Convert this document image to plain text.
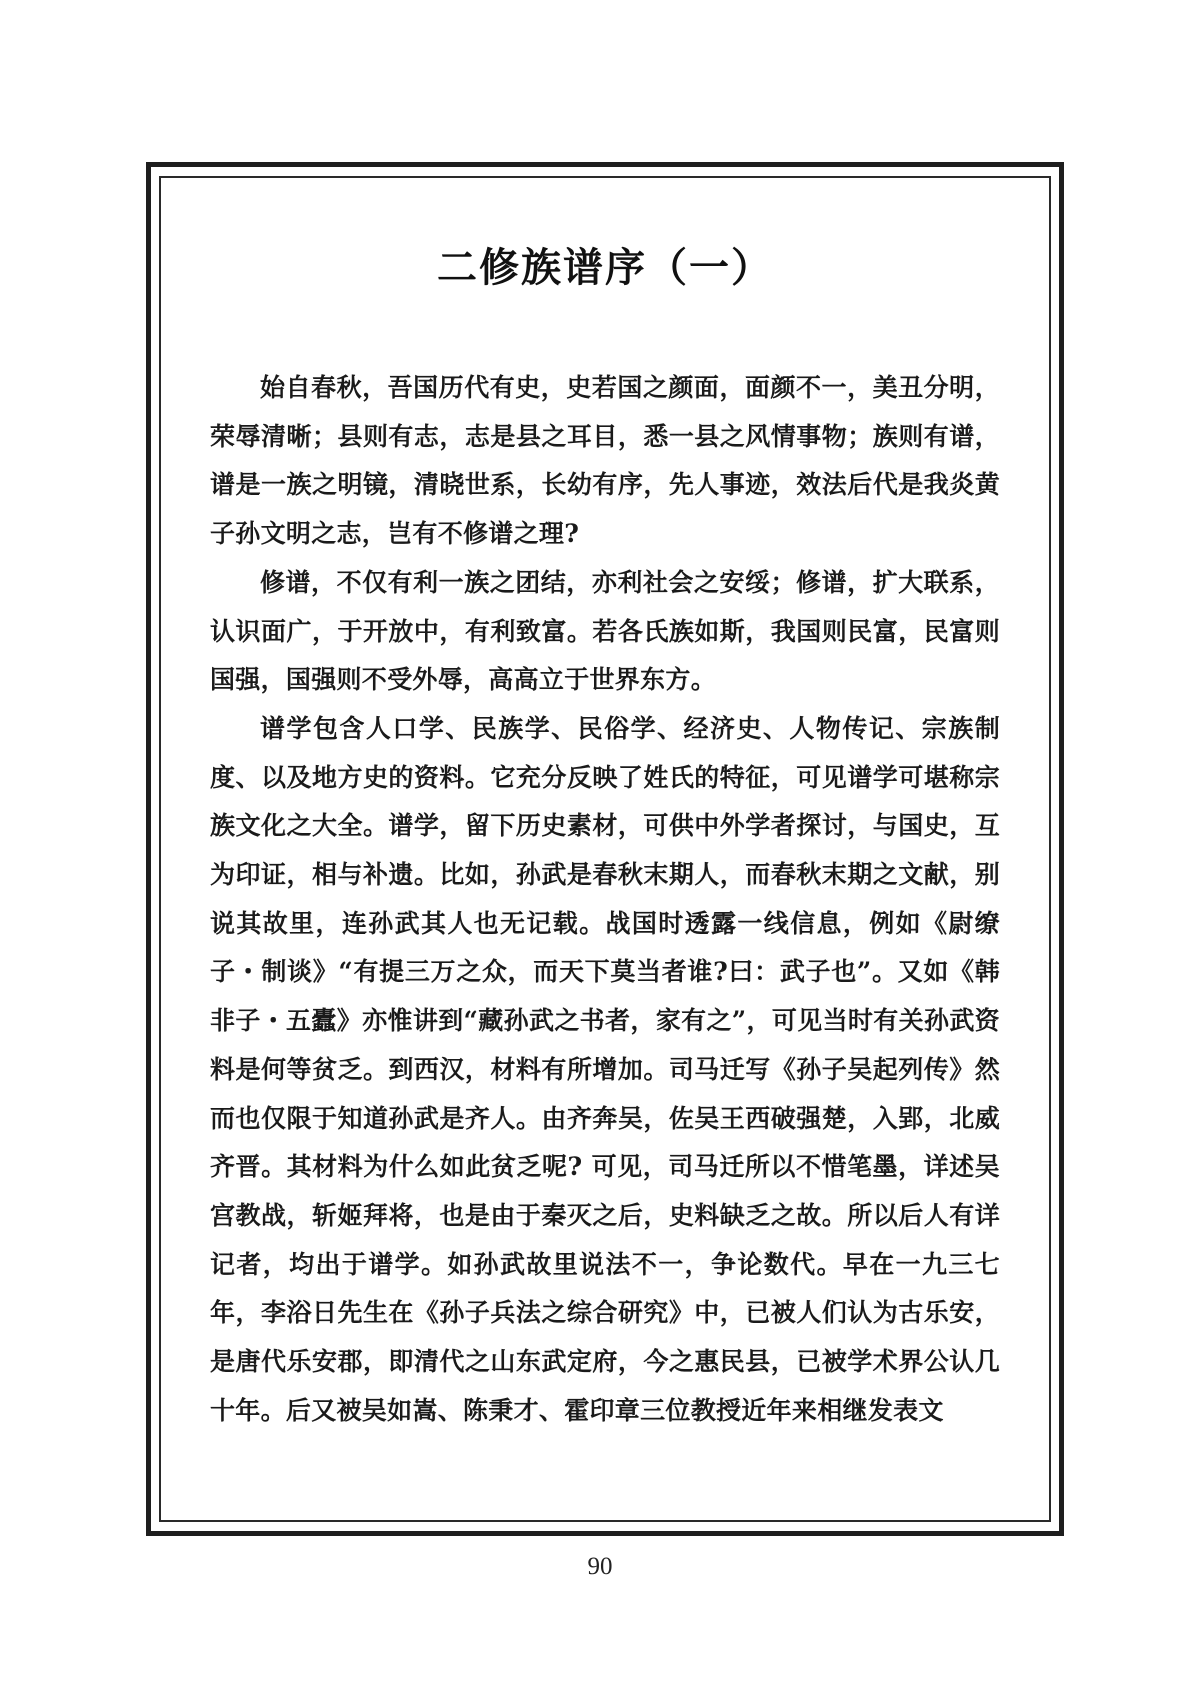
二修族谱序（一）

始自春秋，吾国历代有史，史若国之颜面，面颜不一，美丑分明，荣辱清晰；县则有志，志是县之耳目，悉一县之风情事物；族则有谱，谱是一族之明镜，清晓世系，长幼有序，先人事迹，效法后代是我炎黄子孙文明之志，岂有不修谱之理?

修谱，不仅有利一族之团结，亦利社会之安绥；修谱，扩大联系，认识面广，于开放中，有利致富。若各氏族如斯，我国则民富，民富则国强，国强则不受外辱，高高立于世界东方。

谱学包含人口学、民族学、民俗学、经济史、人物传记、宗族制度、以及地方史的资料。它充分反映了姓氏的特征，可见谱学可堪称宗族文化之大全。谱学，留下历史素材，可供中外学者探讨，与国史，互为印证，相与补遗。比如，孙武是春秋末期人，而春秋末期之文献，别说其故里，连孙武其人也无记载。战国时透露一线信息，例如《尉缭子・制谈》“有提三万之众，而天下莫当者谁?曰：武子也”。又如《韩非子・五蠹》亦惟讲到“藏孙武之书者，家有之”，可见当时有关孙武资料是何等贫乏。到西汉，材料有所增加。司马迁写《孙子吴起列传》然而也仅限于知道孙武是齐人。由齐奔吴，佐吴王西破强楚，入郢，北威齐晋。其材料为什么如此贫乏呢? 可见，司马迁所以不惜笔墨，详述吴宫教战，斩姬拜将，也是由于秦灭之后，史料缺乏之故。所以后人有详记者，均出于谱学。如孙武故里说法不一，争论数代。早在一九三七年，李浴日先生在《孙子兵法之综合研究》中，已被人们认为古乐安，是唐代乐安郡，即清代之山东武定府，今之惠民县，已被学术界公认几十年。后又被吴如嵩、陈秉才、霍印章三位教授近年来相继发表文

90
